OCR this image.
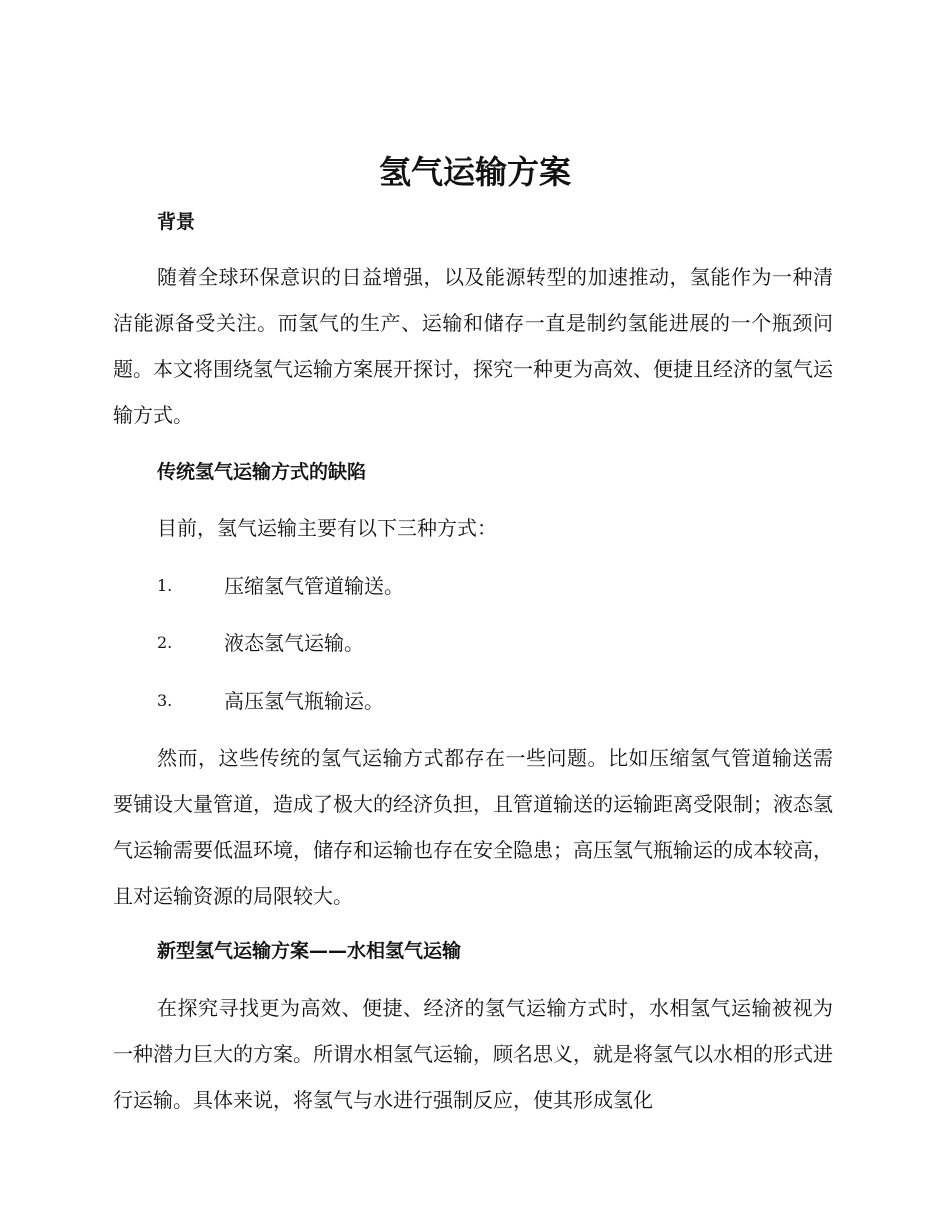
氢气运输方案
背景

随着全球环保意识的日益增强，以及能源转型的加速推动，氢能作为一种清洁能源备受关注。而氢气的生产、运输和储存一直是制约氢能进展的一个瓶颈问题。本文将围绕氢气运输方案展开探讨，探究一种更为高效、便捷且经济的氢气运输方式。

传统氢气运输方式的缺陷

目前，氢气运输主要有以下三种方式：

1.	压缩氢气管道输送。
2.	液态氢气运输。
3.	高压氢气瓶输运。

然而，这些传统的氢气运输方式都存在一些问题。比如压缩氢气管道输送需要铺设大量管道，造成了极大的经济负担，且管道输送的运输距离受限制；液态氢气运输需要低温环境，储存和运输也存在安全隐患；高压氢气瓶输运的成本较高，且对运输资源的局限较大。

新型氢气运输方案——水相氢气运输

在探究寻找更为高效、便捷、经济的氢气运输方式时，水相氢气运输被视为一种潜力巨大的方案。所谓水相氢气运输，顾名思义，就是将氢气以水相的形式进行运输。具体来说，将氢气与水进行强制反应，使其形成氢化
